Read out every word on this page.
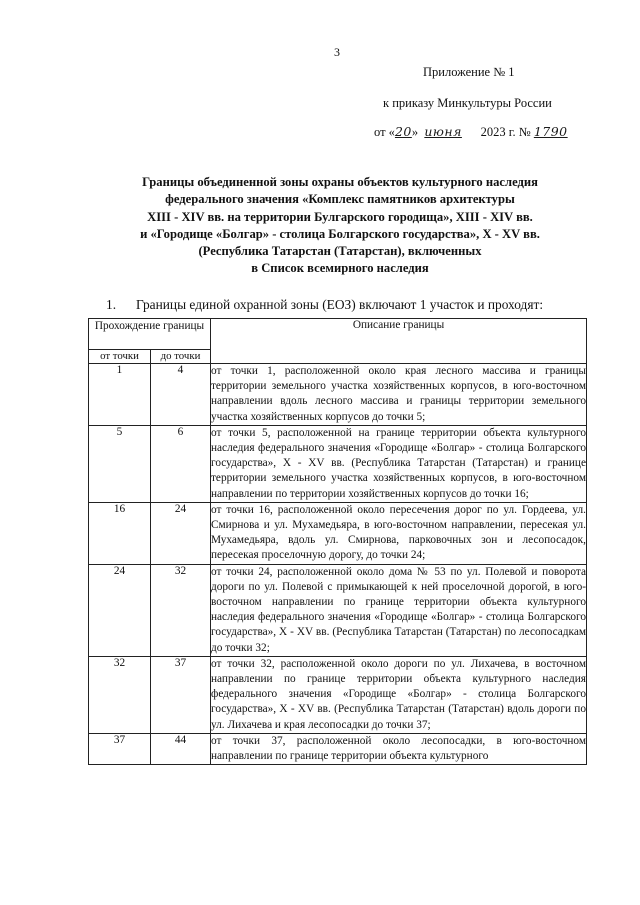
3
Приложение № 1
к приказу Минкультуры России
от «20» июня 2023 г. № 1790
Границы объединенной зоны охраны объектов культурного наследия
федерального значения «Комплекс памятников архитектуры
XIII - XIV вв. на территории Булгарского городища», XIII - XIV вв.
и «Городище «Болгар» - столица Болгарского государства», X - XV вв.
(Республика Татарстан (Татарстан), включенных
в Список всемирного наследия
1. Границы единой охранной зоны (ЕОЗ) включают 1 участок и проходят:
Прохождение границы		Описание границы
от точки	до точки	
1	4	от точки 1, расположенной около края лесного массива и границы территории земельного участка хозяйственных корпусов, в юго-восточном направлении вдоль лесного массива и границы территории земельного участка хозяйственных корпусов до точки 5;
5	6	от точки 5, расположенной на границе территории объекта культурного наследия федерального значения «Городище «Болгар» - столица Болгарского государства», X - XV вв. (Республика Татарстан (Татарстан) и границе территории земельного участка хозяйственных корпусов, в юго-восточном направлении по территории хозяйственных корпусов до точки 16;
16	24	от точки 16, расположенной около пересечения дорог по ул. Гордеева, ул. Смирнова и ул. Мухамедьяра, в юго-восточном направлении, пересекая ул. Мухамедьяра, вдоль ул. Смирнова, парковочных зон и лесопосадок, пересекая проселочную дорогу, до точки 24;
24	32	от точки 24, расположенной около дома № 53 по ул. Полевой и поворота дороги по ул. Полевой с примыкающей к ней проселочной дорогой, в юго-восточном направлении по границе территории объекта культурного наследия федерального значения «Городище «Болгар» - столица Болгарского государства», X - XV вв. (Республика Татарстан (Татарстан) по лесопосадкам до точки 32;
32	37	от точки 32, расположенной около дороги по ул. Лихачева, в восточном направлении по границе территории объекта культурного наследия федерального значения «Городище «Болгар» - столица Болгарского государства», X - XV вв. (Республика Татарстан (Татарстан) вдоль дороги по ул. Лихачева и края лесопосадки до точки 37;
37	44	от точки 37, расположенной около лесопосадки, в юго-восточном направлении по границе территории объекта культурного
